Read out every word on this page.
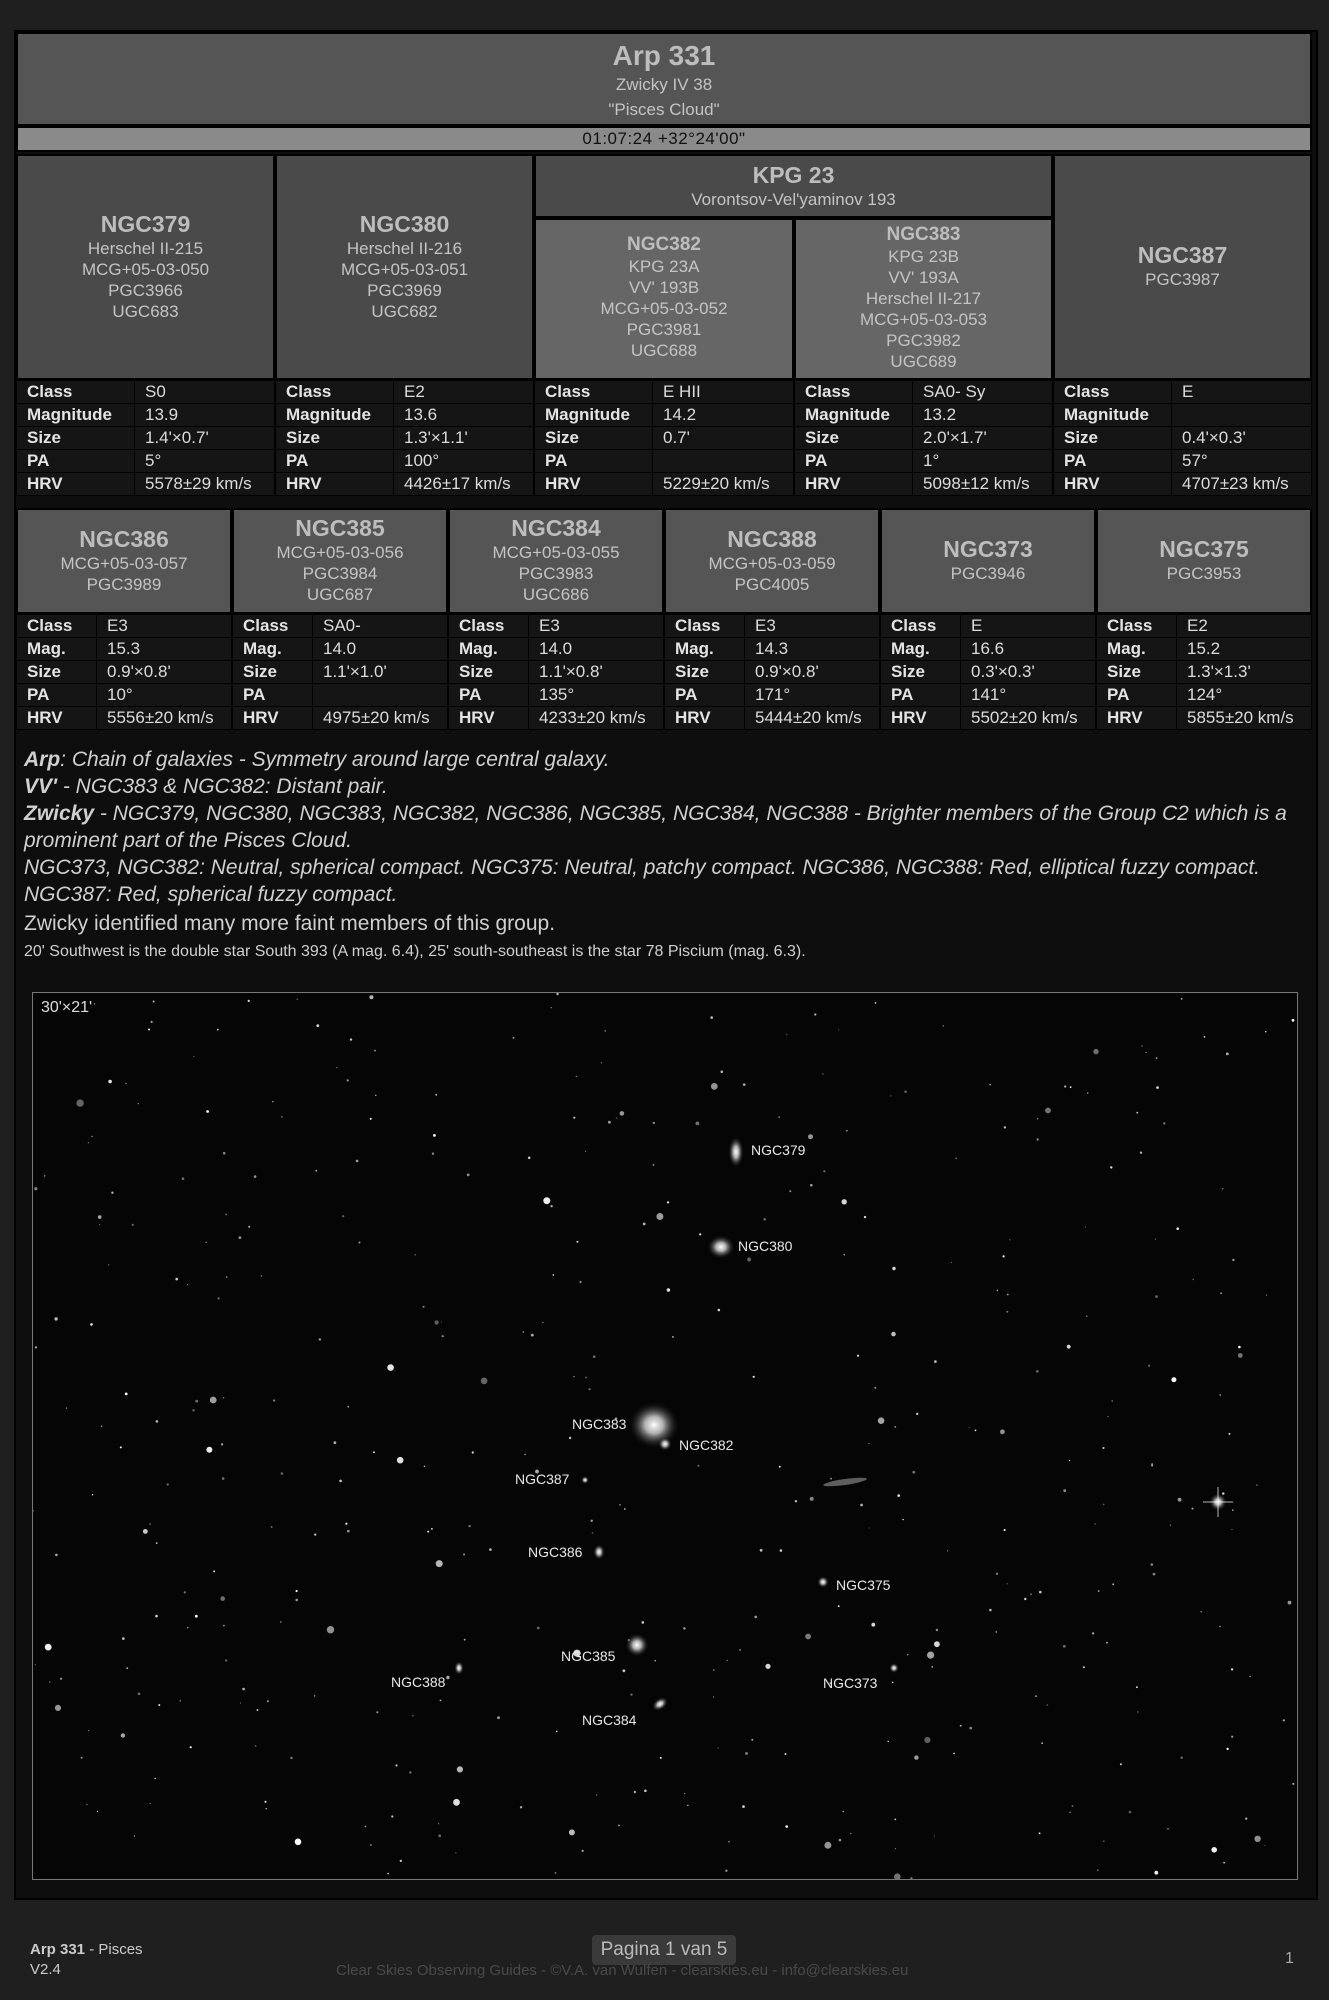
Arp 331
Zwicky IV 38
"Pisces Cloud"
01:07:24 +32°24'00"
NGC379
Herschel II-215
MCG+05-03-050
PGC3966
UGC683
NGC380
Herschel II-216
MCG+05-03-051
PGC3969
UGC682
KPG 23
Vorontsov-Vel'yaminov 193
NGC382
KPG 23A
VV' 193B
MCG+05-03-052
PGC3981
UGC688
NGC383
KPG 23B
VV' 193A
Herschel II-217
MCG+05-03-053
PGC3982
UGC689
NGC387
PGC3987
Class	S0
Magnitude	13.9
Size	1.4'×0.7'
PA	5°
HRV	5578±29 km/s
Class	E2
Magnitude	13.6
Size	1.3'×1.1'
PA	100°
HRV	4426±17 km/s
Class	E HII
Magnitude	14.2
Size	0.7'
PA	
HRV	5229±20 km/s
Class	SA0- Sy
Magnitude	13.2
Size	2.0'×1.7'
PA	1°
HRV	5098±12 km/s
Class	E
Magnitude	
Size	0.4'×0.3'
PA	57°
HRV	4707±23 km/s
NGC386
MCG+05-03-057
PGC3989
NGC385
MCG+05-03-056
PGC3984
UGC687
NGC384
MCG+05-03-055
PGC3983
UGC686
NGC388
MCG+05-03-059
PGC4005
NGC373
PGC3946
NGC375
PGC3953
Class	E3
Mag.	15.3
Size	0.9'×0.8'
PA	10°
HRV	5556±20 km/s
Class	SA0-
Mag.	14.0
Size	1.1'×1.0'
PA	
HRV	4975±20 km/s
Class	E3
Mag.	14.0
Size	1.1'×0.8'
PA	135°
HRV	4233±20 km/s
Class	E3
Mag.	14.3
Size	0.9'×0.8'
PA	171°
HRV	5444±20 km/s
Class	E
Mag.	16.6
Size	0.3'×0.3'
PA	141°
HRV	5502±20 km/s
Class	E2
Mag.	15.2
Size	1.3'×1.3'
PA	124°
HRV	5855±20 km/s

Arp: Chain of galaxies - Symmetry around large central galaxy.

VV' - NGC383 & NGC382: Distant pair.

Zwicky - NGC379, NGC380, NGC383, NGC382, NGC386, NGC385, NGC384, NGC388 - Brighter members of the Group C2 which is a prominent part of the Pisces Cloud.

NGC373, NGC382: Neutral, spherical compact. NGC375: Neutral, patchy compact. NGC386, NGC388: Red, elliptical fuzzy compact. NGC387: Red, spherical fuzzy compact.

Zwicky identified many more faint members of this group.

20' Southwest is the double star South 393 (A mag. 6.4), 25' south-southeast is the star 78 Piscium (mag. 6.3).

30'×21'
NGC379
NGC380
NGC383
NGC382
NGC387
NGC386
NGC375
NGC385
NGC388	NGC373
NGC384
Arp 331 - Pisces
V2.4
Pagina 1 van 5
Clear Skies Observing Guides - ©V.A. van Wulfen - clearskies.eu - info@clearskies.eu
1
